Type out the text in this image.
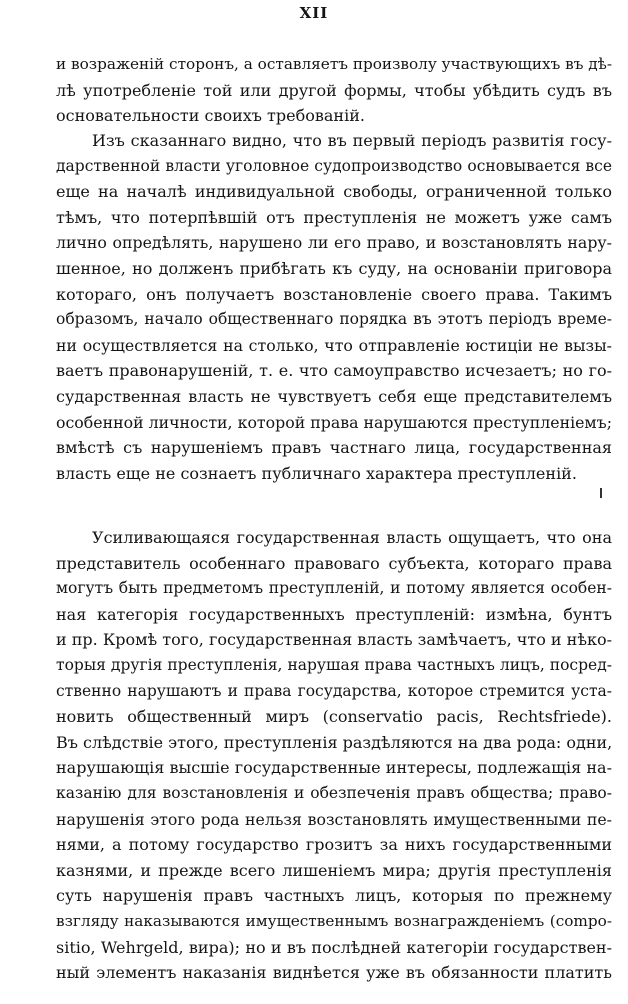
XII
и возраженій сторонъ, а оставляетъ произволу участвующихъ въ дѣ-
лѣ употребленіе той или другой формы, чтобы убѣдить судъ въ
основательности своихъ требованій.
Изъ сказаннаго видно, что въ первый періодъ развитія госу-
дарственной власти уголовное судопроизводство основывается все
еще на началѣ индивидуальной свободы, ограниченной только
тѣмъ, что потерпѣвшій отъ преступленія не можетъ уже самъ
лично опредѣлять, нарушено ли его право, и возстановлять нару-
шенное, но долженъ прибѣгать къ суду, на основаніи приговора
котораго, онъ получаетъ возстановленіе своего права. Такимъ
образомъ, начало общественнаго порядка въ этотъ періодъ време-
ни осуществляется на столько, что отправленіе юстиціи не вызы-
ваетъ правонарушеній, т. е. что самоуправство исчезаетъ; но го-
сударственная власть не чувствуетъ себя еще представителемъ
особенной личности, которой права нарушаются преступленіемъ;
вмѣстѣ съ нарушеніемъ правъ частнаго лица, государственная
власть еще не сознаетъ публичнаго характера преступленій.
Усиливающаяся государственная власть ощущаетъ, что она
представитель особеннаго правоваго субъекта, котораго права
могутъ быть предметомъ преступленій, и потому является особен-
ная категорія государственныхъ преступленій: измѣна, бунтъ
и пр. Кромѣ того, государственная власть замѣчаетъ, что и нѣко-
торыя другія преступленія, нарушая права частныхъ лицъ, посред-
ственно нарушаютъ и права государства, которое стремится уста-
новить общественный миръ (conservatio pacis, Rechtsfriede).
Въ слѣдствіе этого, преступленія раздѣляются на два рода: одни,
нарушающія высшіе государственные интересы, подлежащія на-
казанію для возстановленія и обезпеченія правъ общества; право-
нарушенія этого рода нельзя возстановлять имущественными пе-
нями, а потому государство грозитъ за нихъ государственными
казнями, и прежде всего лишеніемъ мира; другія преступленія
суть нарушенія правъ частныхъ лицъ, которыя по прежнему
взгляду наказываются имущественнымъ вознагражденіемъ (compo-
sitio, Wehrgeld, вира); но и въ послѣдней категоріи государствен-
ный элементъ наказанія виднѣется уже въ обязанности платить
